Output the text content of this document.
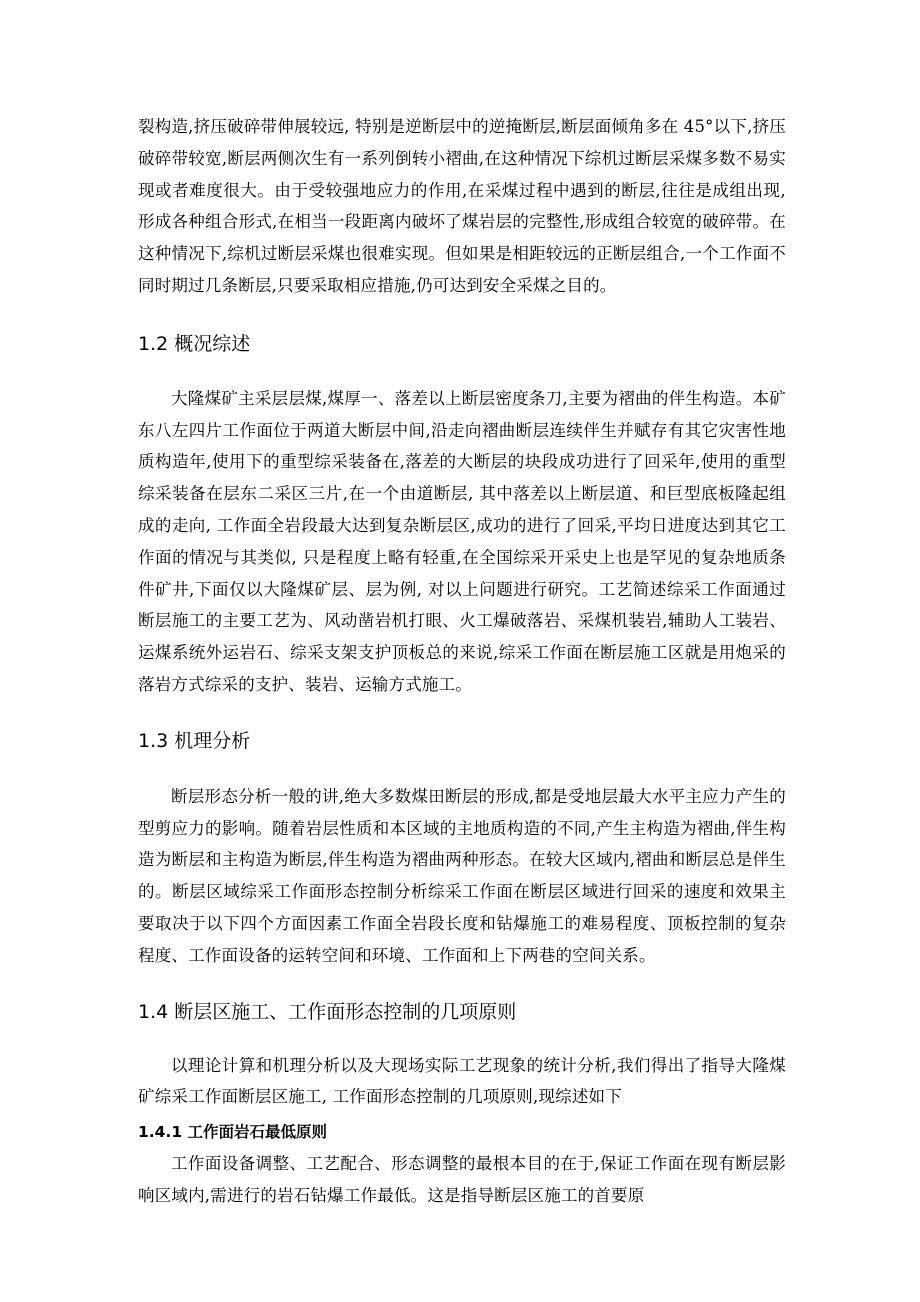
裂构造,挤压破碎带伸展较远, 特别是逆断层中的逆掩断层,断层面倾角多在 45°以下,挤压破碎带较宽,断层两侧次生有一系列倒转小褶曲,在这种情况下综机过断层采煤多数不易实现或者难度很大。由于受较强地应力的作用,在采煤过程中遇到的断层,往往是成组出现,形成各种组合形式,在相当一段距离内破坏了煤岩层的完整性,形成组合较宽的破碎带。在这种情况下,综机过断层采煤也很难实现。但如果是相距较远的正断层组合,一个工作面不同时期过几条断层,只要采取相应措施,仍可达到安全采煤之目的。

1.2 概况综述

大隆煤矿主采层层煤,煤厚一、落差以上断层密度条刀,主要为褶曲的伴生构造。本矿东八左四片工作面位于两道大断层中间,沿走向褶曲断层连续伴生并赋存有其它灾害性地质构造年,使用下的重型综采装备在,落差的大断层的块段成功进行了回采年,使用的重型综采装备在层东二采区三片,在一个由道断层, 其中落差以上断层道、和巨型底板隆起组成的走向, 工作面全岩段最大达到复杂断层区,成功的进行了回采,平均日进度达到其它工作面的情况与其类似, 只是程度上略有轻重,在全国综采开采史上也是罕见的复杂地质条件矿井,下面仅以大隆煤矿层、层为例, 对以上问题进行研究。工艺简述综采工作面通过断层施工的主要工艺为、风动凿岩机打眼、火工爆破落岩、采煤机装岩,辅助人工装岩、运煤系统外运岩石、综采支架支护顶板总的来说,综采工作面在断层施工区就是用炮采的落岩方式综采的支护、装岩、运输方式施工。

1.3 机理分析

断层形态分析一般的讲,绝大多数煤田断层的形成,都是受地层最大水平主应力产生的型剪应力的影响。随着岩层性质和本区域的主地质构造的不同,产生主构造为褶曲,伴生构造为断层和主构造为断层,伴生构造为褶曲两种形态。在较大区域内,褶曲和断层总是伴生的。断层区域综采工作面形态控制分析综采工作面在断层区域进行回采的速度和效果主要取决于以下四个方面因素工作面全岩段长度和钻爆施工的难易程度、顶板控制的复杂程度、工作面设备的运转空间和环境、工作面和上下两巷的空间关系。

1.4 断层区施工、工作面形态控制的几项原则

以理论计算和机理分析以及大现场实际工艺现象的统计分析,我们得出了指导大隆煤矿综采工作面断层区施工, 工作面形态控制的几项原则,现综述如下

1.4.1 工作面岩石最低原则

工作面设备调整、工艺配合、形态调整的最根本目的在于,保证工作面在现有断层影响区域内,需进行的岩石钻爆工作最低。这是指导断层区施工的首要原
